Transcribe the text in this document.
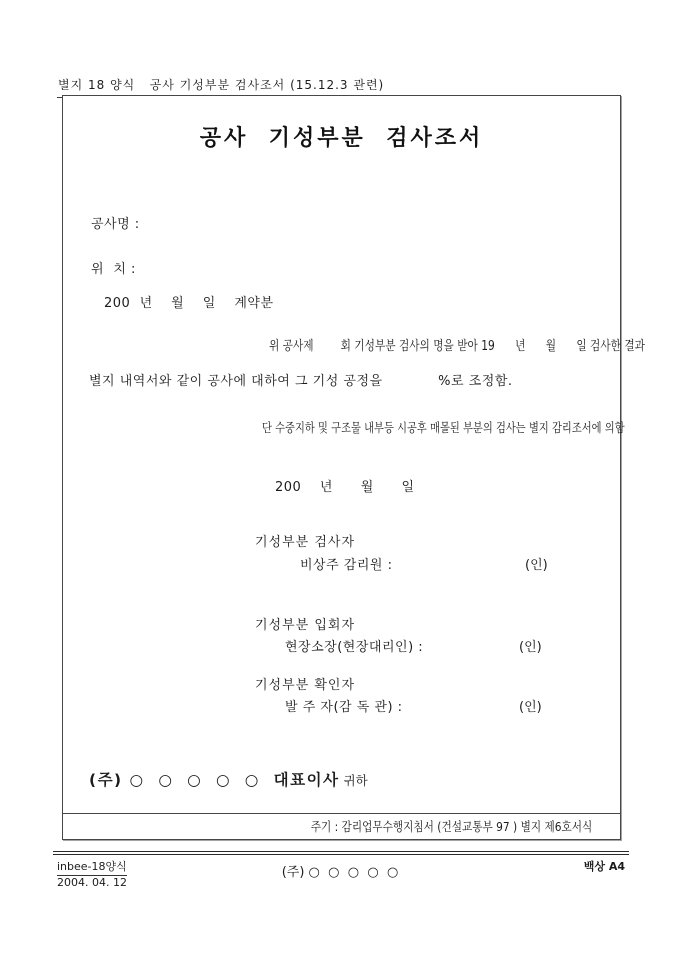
별지 18 양식   공사 기성부분 검사조서 (15.12.3 관련)
공사 기성부분 검사조서
공사명 :
위  치 :
200  년    월    일    계약분
위 공사제        회 기성부분 검사의 명을 받아 19      년      월      일 검사한 결과
별지 내역서와 같이 공사에 대하여 그 기성 공정을            %로 조정함.
단 수중지하 및 구조물 내부등 시공후 매몰된 부분의 검사는 별지 감리조서에 의함
200    년      월      일
기성부분 검사자
비상주 감리원 :	(인)
기성부분 입회자
현장소장(현장대리인) :	(인)
기성부분 확인자
발 주 자(감 독 관) :	(인)
(주) ○  ○  ○  ○  ○  대표이사 귀하
주기 : 감리업무수행지침서 (건설교통부 97 ) 별지 제6호서식
inbee-18양식
2004. 04. 12
(주) ○  ○  ○  ○  ○	백상 A4
